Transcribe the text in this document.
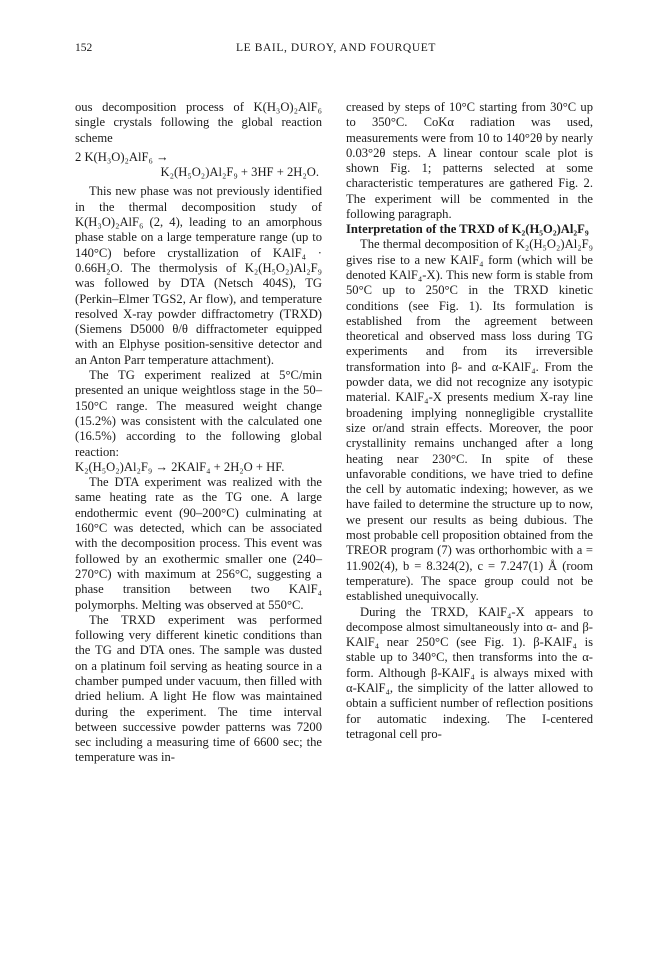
152	LE BAIL, DUROY, AND FOURQUET

ous decomposition process of K(H₃O)₂AlF₆ single crystals following the global reaction scheme

2 K(H₃O)₂AlF₆ →

K₂(H₅O₂)Al₂F₉ + 3HF + 2H₂O.

This new phase was not previously identified in the thermal decomposition study of K(H₃O)₂AlF₆ (2, 4), leading to an amorphous phase stable on a large temperature range (up to 140°C) before crystallization of KAlF₄ · 0.66H₂O. The thermolysis of K₂(H₅O₂)Al₂F₉ was followed by DTA (Netsch 404S), TG (Perkin–Elmer TGS2, Ar flow), and temperature resolved X-ray powder diffractometry (TRXD) (Siemens D5000 θ/θ diffractometer equipped with an Elphyse position-sensitive detector and an Anton Parr temperature attachment).

The TG experiment realized at 5°C/min presented an unique weightloss stage in the 50–150°C range. The measured weight change (15.2%) was consistent with the calculated one (16.5%) according to the following global reaction:

K₂(H₅O₂)Al₂F₉ → 2KAlF₄ + 2H₂O + HF.

The DTA experiment was realized with the same heating rate as the TG one. A large endothermic event (90–200°C) culminating at 160°C was detected, which can be associated with the decomposition process. This event was followed by an exothermic smaller one (240–270°C) with maximum at 256°C, suggesting a phase transition between two KAlF₄ polymorphs. Melting was observed at 550°C.

The TRXD experiment was performed following very different kinetic conditions than the TG and DTA ones. The sample was dusted on a platinum foil serving as heating source in a chamber pumped under vacuum, then filled with dried helium. A light He flow was maintained during the experiment. The time interval between successive powder patterns was 7200 sec including a measuring time of 6600 sec; the temperature was in-

creased by steps of 10°C starting from 30°C up to 350°C. CoKα radiation was used, measurements were from 10 to 140°2θ by nearly 0.03°2θ steps. A linear contour scale plot is shown Fig. 1; patterns selected at some characteristic temperatures are gathered Fig. 2. The experiment will be commented in the following paragraph.

Interpretation of the TRXD of K₂(H₅O₂)Al₂F₉

The thermal decomposition of K₂(H₅O₂)Al₂F₉ gives rise to a new KAlF₄ form (which will be denoted KAlF₄-X). This new form is stable from 50°C up to 250°C in the TRXD kinetic conditions (see Fig. 1). Its formulation is established from the agreement between theoretical and observed mass loss during TG experiments and from its irreversible transformation into β- and α-KAlF₄. From the powder data, we did not recognize any isotypic material. KAlF₄-X presents medium X-ray line broadening implying nonnegligible crystallite size or/and strain effects. Moreover, the poor crystallinity remains unchanged after a long heating near 230°C. In spite of these unfavorable conditions, we have tried to define the cell by automatic indexing; however, as we have failed to determine the structure up to now, we present our results as being dubious. The most probable cell proposition obtained from the TREOR program (7) was orthorhombic with a = 11.902(4), b = 8.324(2), c = 7.247(1) Å (room temperature). The space group could not be established unequivocally.

During the TRXD, KAlF₄-X appears to decompose almost simultaneously into α- and β-KAlF₄ near 250°C (see Fig. 1). β-KAlF₄ is stable up to 340°C, then transforms into the α-form. Although β-KAlF₄ is always mixed with α-KAlF₄, the simplicity of the latter allowed to obtain a sufficient number of reflection positions for automatic indexing. The I-centered tetragonal cell pro-
